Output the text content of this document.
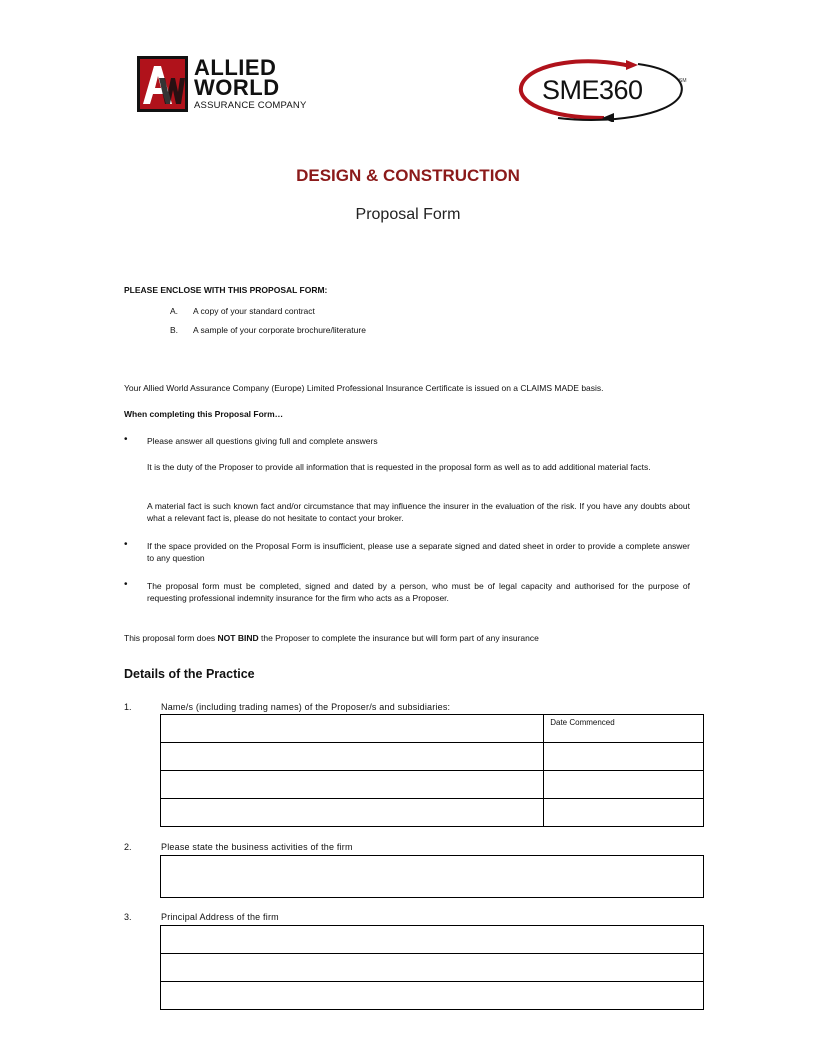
ALLIED
WORLD
ASSURANCE COMPANY
SME360	SM
DESIGN & CONSTRUCTION
Proposal Form
PLEASE ENCLOSE WITH THIS PROPOSAL FORM:
A. A copy of your standard contract
B. A sample of your corporate brochure/literature
Your Allied World Assurance Company (Europe) Limited Professional Insurance Certificate is issued on a CLAIMS MADE basis.
When completing this Proposal Form…
• Please answer all questions giving full and complete answers
It is the duty of the Proposer to provide all information that is requested in the proposal form as well as to add additional material facts.
A material fact is such known fact and/or circumstance that may influence the insurer in the evaluation of the risk. If you have any doubts about what a relevant fact is, please do not hesitate to contact your broker.
• If the space provided on the Proposal Form is insufficient, please use a separate signed and dated sheet in order to provide a complete answer to any question
• The proposal form must be completed, signed and dated by a person, who must be of legal capacity and authorised for the purpose of requesting professional indemnity insurance for the firm who acts as a Proposer.
This proposal form does NOT BIND the Proposer to complete the insurance but will form part of any insurance
Details of the Practice
1.	Name/s (including trading names) of the Proposer/s and subsidiaries:

	Date Commenced

2.	Please state the business activities of the firm
3.	Principal Address of the firm
